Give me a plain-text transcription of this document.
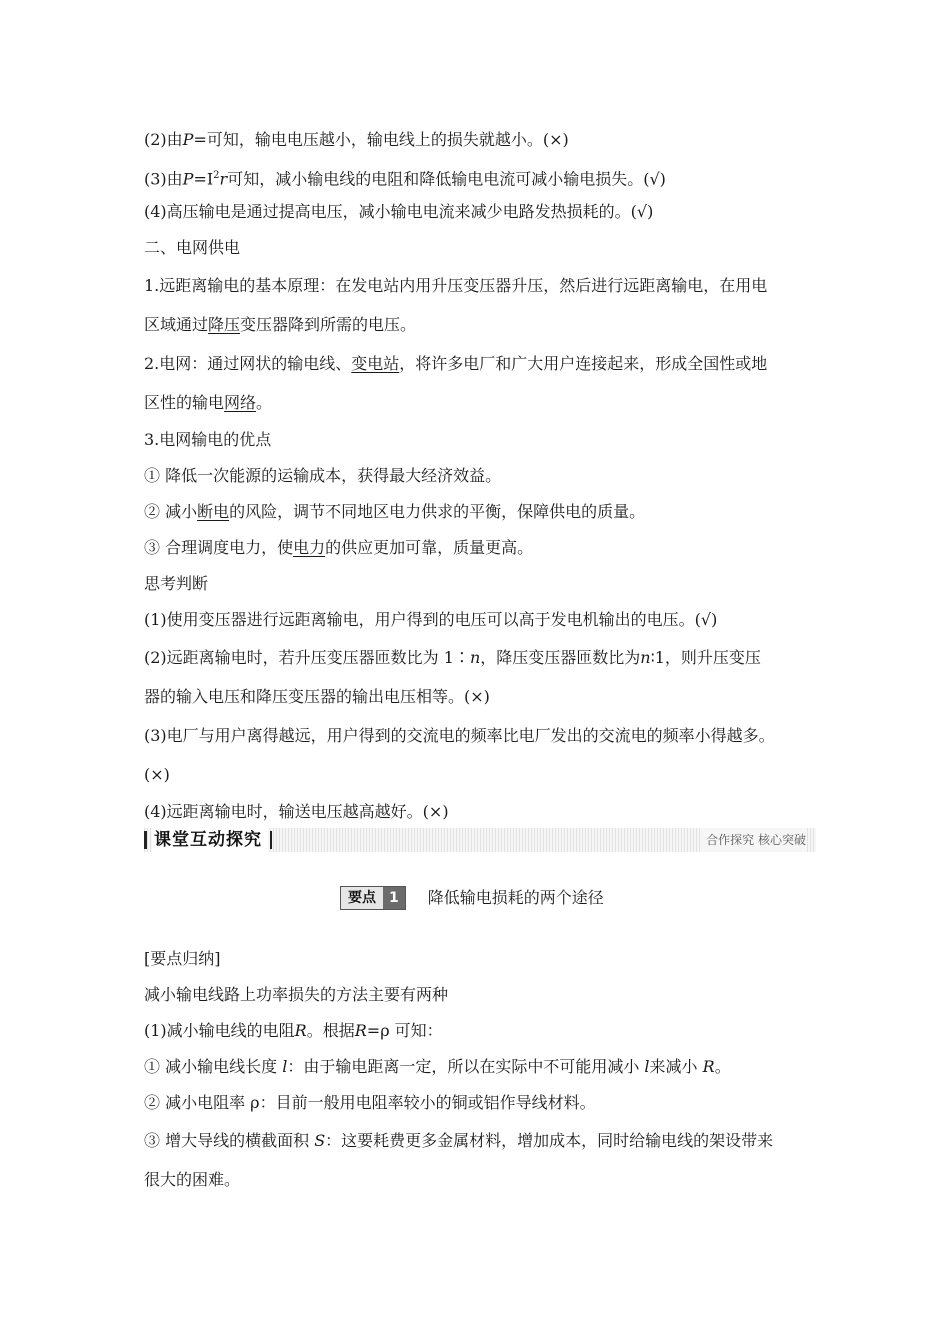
(2)由P=可知，输电电压越小，输电线上的损失就越小。(×)
(3)由$P=I^2r$可知，减小输电线的电阻和降低输电电流可减小输电损失。(√)
(4)高压输电是通过提高电压，减小输电电流来减少电路发热损耗的。(√)
二、电网供电
1.远距离输电的基本原理：在发电站内用升压变压器升压，然后进行远距离输电，在用电
区域通过降压变压器降到所需的电压。
2.电网：通过网状的输电线、变电站，将许多电厂和广大用户连接起来，形成全国性或地
区性的输电网络。
3.电网输电的优点
① 降低一次能源的运输成本，获得最大经济效益。
② 减小断电的风险，调节不同地区电力供求的平衡，保障供电的质量。
③ 合理调度电力，使电力的供应更加可靠，质量更高。
思考判断
(1)使用变压器进行远距离输电，用户得到的电压可以高于发电机输出的电压。(√)
(2)远距离输电时，若升压变压器匝数比为 1∶n，降压变压器匝数比为n∶1，则升压变压
器的输入电压和降压变压器的输出电压相等。(×)
(3)电厂与用户离得越远，用户得到的交流电的频率比电厂发出的交流电的频率小得越多。
(×)
(4)远距离输电时，输送电压越高越好。(×)
课堂互动探究	合作探究 核心突破
要点 1	降低输电损耗的两个途径
[要点归纳]
减小输电线路上功率损失的方法主要有两种
(1)减小输电线的电阻R。根据R=ρ 可知：
① 减小输电线长度 l：由于输电距离一定，所以在实际中不可能用减小 l来减小 R。
② 减小电阻率 ρ：目前一般用电阻率较小的铜或铝作导线材料。
③ 增大导线的横截面积 S：这要耗费更多金属材料，增加成本，同时给输电线的架设带来
很大的困难。
